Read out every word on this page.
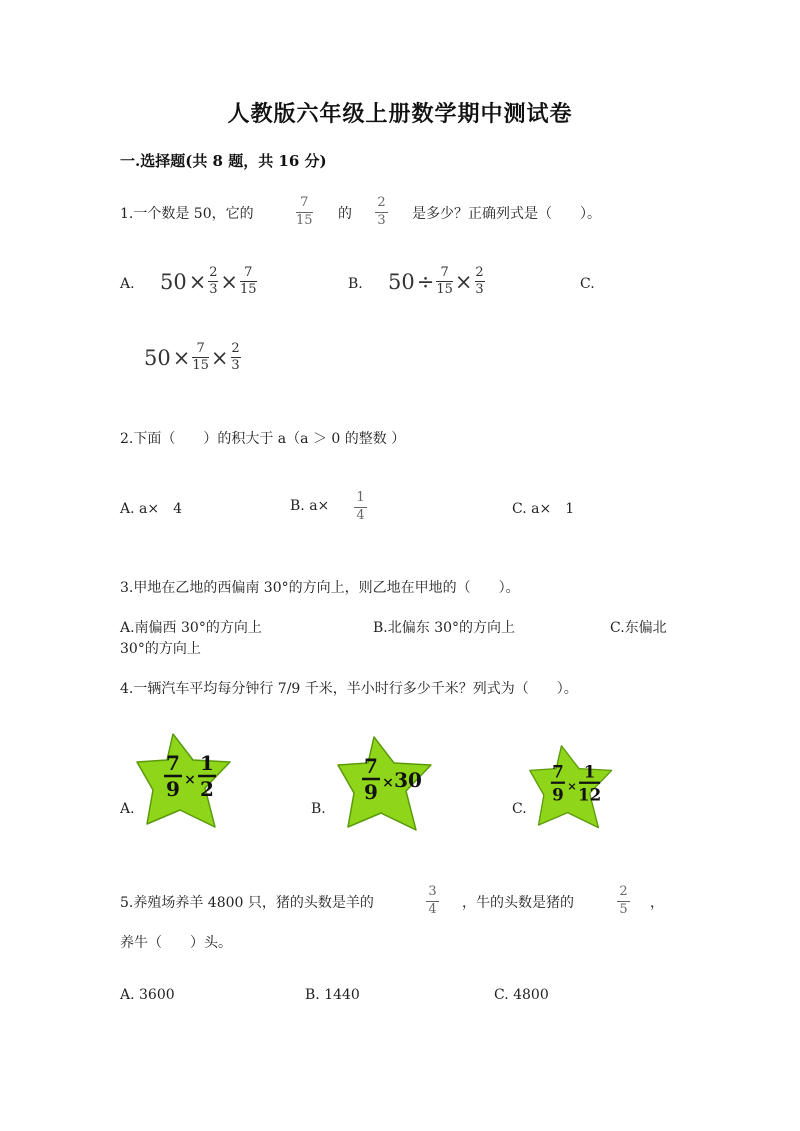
人教版六年级上册数学期中测试卷
一.选择题(共 8 题，共 16 分)
1.一个数是 50，它的
7
15 的
2
3 是多少？正确列式是（　　）。
A. 50 × 2
3 × 7
15	B. 50 ÷ 7
15 × 2
3	C.
50 × 7
15 × 2
3
2.下面（　　）的积大于 a（a ＞ 0 的整数 ）
A. a×　4	B. a×
1
4	C. a×　1
3.甲地在乙地的西偏南 30°的方向上，则乙地在甲地的（　　）。
A.南偏西 30°的方向上	B.北偏东 30°的方向上	C.东偏北
30°的方向上
4.一辆汽车平均每分钟行 7/9 千米，半小时行多少千米？列式为（　　）。
A.
7
9 ×
1
2
B.
7
9 × 30
C.
7
9 ×
1
12
5.养殖场养羊 4800 只，猪的头数是羊的
3
4 ，牛的头数是猪的
2
5 ，
养牛（　　）头。
A. 3600	B. 1440	C. 4800
